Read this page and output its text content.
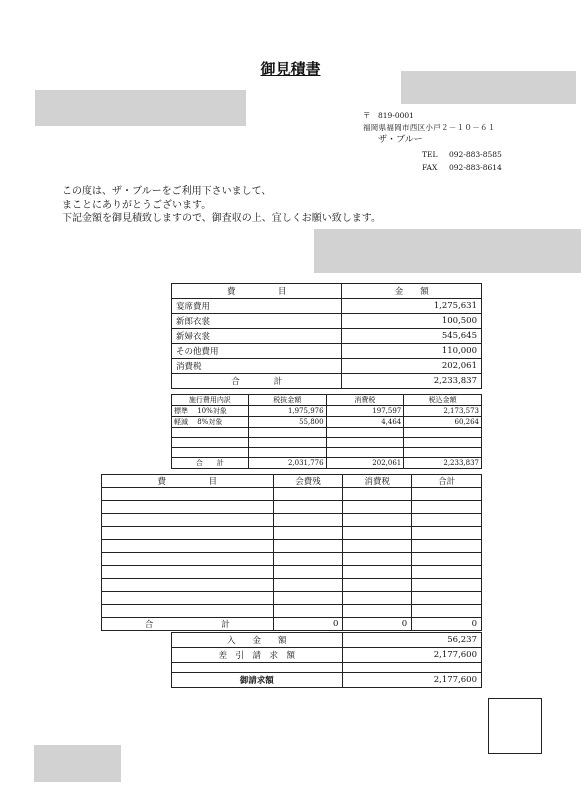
御見積書
〒　819-0001
福岡県福岡市西区小戸２－１０－６１
ザ・ブルー
TEL 092-883-8585
FAX 092-883-8614
この度は、ザ・ブルーをご利用下さいまして、
まことにありがとうございます。
下記金額を御見積致しますので、御査収の上、宜しくお願い致します。
費　　　　　目	金　　額
宴席費用	1,275,631
新郎衣裳	100,500
新婦衣裳	545,645
その他費用	110,000
消費税	202,061
合　　　　計	2,233,837
施行費用内訳	税抜金額	消費税	税込金額
標準　 10%対象	1,975,976	197,597	2,173,573
軽減　 8%対象	55,800	4,464	60,264

合　　計	2,031,776	202,061	2,233,837
費　　　　　目	会費残	消費税	合計

合　　　　　　　　計	0	0	0
入　　金　　額	56,237
差　引　請　求　額	2,177,600

御請求額	2,177,600
